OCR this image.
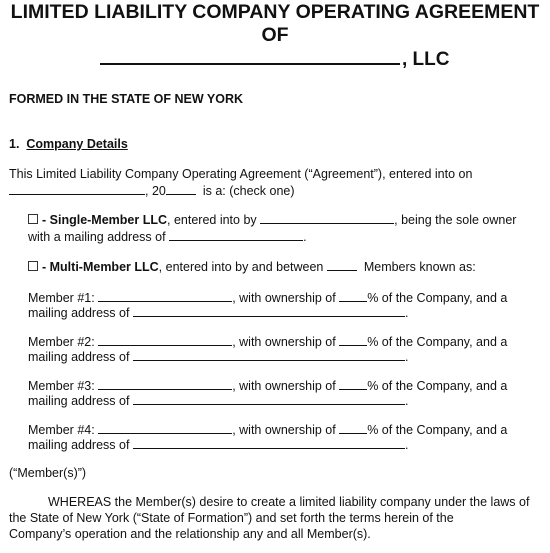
LIMITED LIABILITY COMPANY OPERATING AGREEMENT
OF
, LLC
FORMED IN THE STATE OF NEW YORK
1. Company Details
This Limited Liability Company Operating Agreement (“Agreement”), entered into on
, 20	is a: (check one)
- Single-Member LLC, entered into by	, being the sole owner
with a mailing address of	.
- Multi-Member LLC, entered into by and between	Members known as:
Member #1:	, with ownership of	% of the Company, and a
mailing address of	.
Member #2:	, with ownership of	% of the Company, and a
mailing address of	.
Member #3:	, with ownership of	% of the Company, and a
mailing address of	.
Member #4:	, with ownership of	% of the Company, and a
mailing address of	.
(“Member(s)”)
WHEREAS the Member(s) desire to create a limited liability company under the laws of
the State of New York (“State of Formation”) and set forth the terms herein of the
Company’s operation and the relationship any and all Member(s).
